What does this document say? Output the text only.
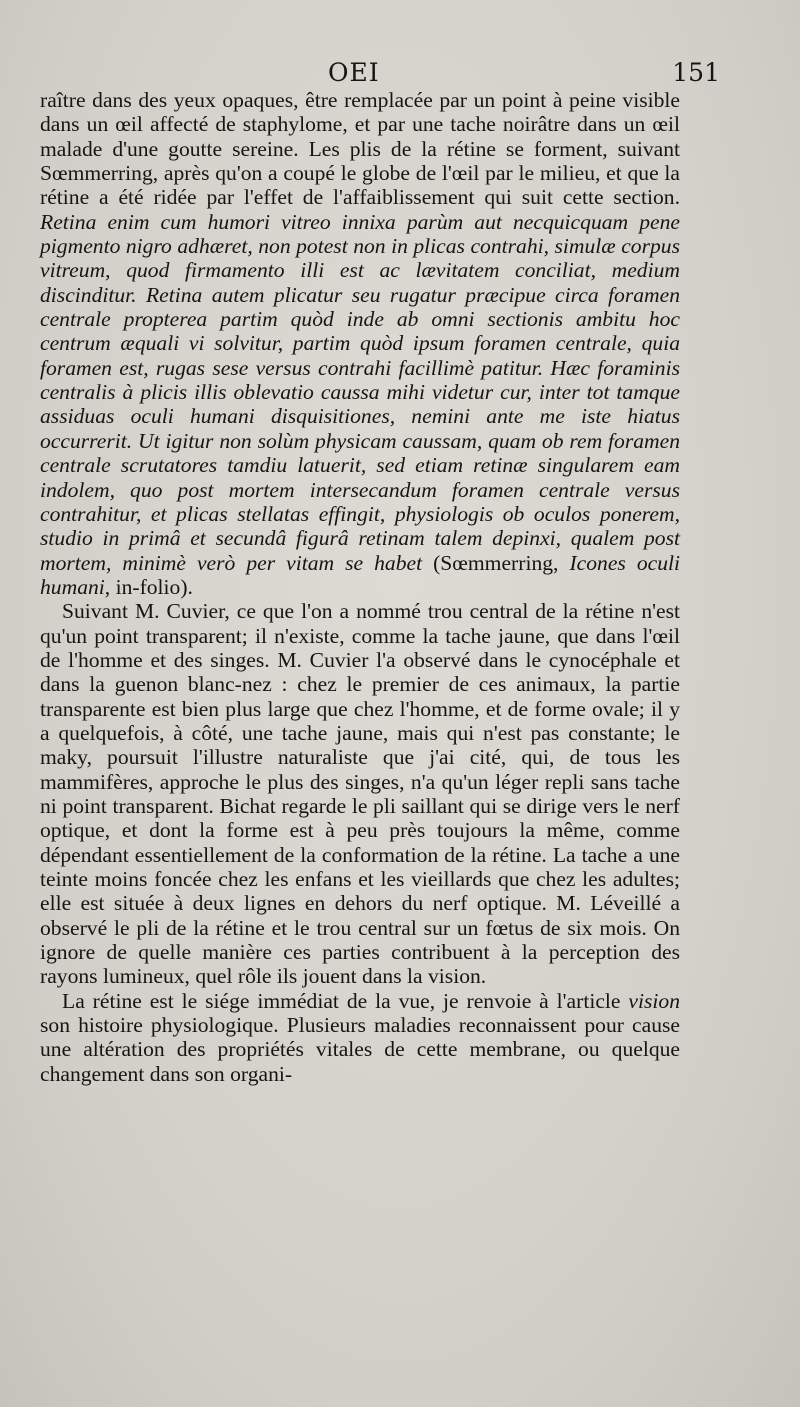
OEI	151

raître dans des yeux opaques, être remplacée par un point à peine visible dans un œil affecté de staphylome, et par une tache noirâtre dans un œil malade d'une goutte sereine. Les plis de la rétine se forment, suivant Sœmmerring, après qu'on a coupé le globe de l'œil par le milieu, et que la rétine a été ridée par l'effet de l'affaiblissement qui suit cette section. Retina enim cum humori vitreo innixa parùm aut necquicquam pene pigmento nigro adhæret, non potest non in plicas contrahi, simulæ corpus vitreum, quod firmamento illi est ac lævitatem conciliat, medium discinditur. Retina autem plicatur seu rugatur præcipue circa foramen centrale propterea partim quòd inde ab omni sectionis ambitu hoc centrum æquali vi solvitur, partim quòd ipsum foramen centrale, quia foramen est, rugas sese versus contrahi facillimè patitur. Hæc foraminis centralis à plicis illis oblevatio caussa mihi videtur cur, inter tot tamque assiduas oculi humani disquisitiones, nemini ante me iste hiatus occurrerit. Ut igitur non solùm physicam caussam, quam ob rem foramen centrale scrutatores tamdiu latuerit, sed etiam retinæ singularem eam indolem, quo post mortem intersecandum foramen centrale versus contrahitur, et plicas stellatas effingit, physiologis ob oculos ponerem, studio in primâ et secundâ figurâ retinam talem depinxi, qualem post mortem, minimè verò per vitam se habet (Sœmmerring, Icones oculi humani, in-folio).

Suivant M. Cuvier, ce que l'on a nommé trou central de la rétine n'est qu'un point transparent; il n'existe, comme la tache jaune, que dans l'œil de l'homme et des singes. M. Cuvier l'a observé dans le cynocéphale et dans la guenon blanc-nez : chez le premier de ces animaux, la partie transparente est bien plus large que chez l'homme, et de forme ovale; il y a quelquefois, à côté, une tache jaune, mais qui n'est pas constante; le maky, poursuit l'illustre naturaliste que j'ai cité, qui, de tous les mammifères, approche le plus des singes, n'a qu'un léger repli sans tache ni point transparent. Bichat regarde le pli saillant qui se dirige vers le nerf optique, et dont la forme est à peu près toujours la même, comme dépendant essentiellement de la conformation de la rétine. La tache a une teinte moins foncée chez les enfans et les vieillards que chez les adultes; elle est située à deux lignes en dehors du nerf optique. M. Léveillé a observé le pli de la rétine et le trou central sur un fœtus de six mois. On ignore de quelle manière ces parties contribuent à la perception des rayons lumineux, quel rôle ils jouent dans la vision.

La rétine est le siége immédiat de la vue, je renvoie à l'article vision son histoire physiologique. Plusieurs maladies reconnaissent pour cause une altération des propriétés vitales de cette membrane, ou quelque changement dans son organi-
